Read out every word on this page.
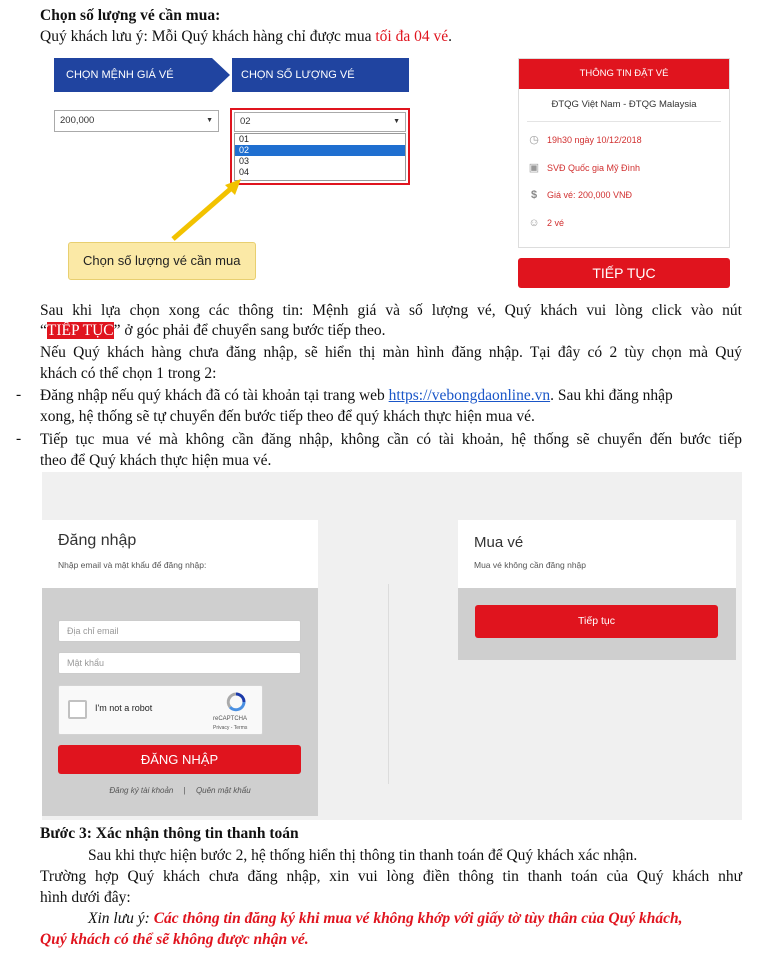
Chọn số lượng vé cần mua:

Quý khách lưu ý: Mỗi Quý khách hàng chỉ được mua tối đa 04 vé.

CHỌN MỆNH GIÁ VÉ	CHỌN SỐ LƯỢNG VÉ
200,000	▼	02	▼
01
02
03
04
Chọn số lượng vé cần mua
THÔNG TIN ĐẶT VÉ
ĐTQG Việt Nam - ĐTQG Malaysia
◷ 19h30 ngày 10/12/2018
▣ SVĐ Quốc gia Mỹ Đình
$ Giá vé: 200,000 VNĐ
☺ 2 vé
TIẾP TỤC

Sau khi lựa chọn xong các thông tin: Mệnh giá và số lượng vé, Quý khách vui lòng click vào nút

“TIẾP TỤC” ở góc phải để chuyển sang bước tiếp theo.

Nếu Quý khách hàng chưa đăng nhập, sẽ hiển thị màn hình đăng nhập. Tại đây có 2 tùy chọn mà Quý

khách có thể chọn 1 trong 2:

- Đăng nhập nếu quý khách đã có tài khoản tại trang web https://vebongdaonline.vn. Sau khi đăng nhập

xong, hệ thống sẽ tự chuyển đến bước tiếp theo để quý khách thực hiện mua vé.

- Tiếp tục mua vé mà không cần đăng nhập, không cần có tài khoản, hệ thống sẽ chuyển đến bước tiếp

theo để Quý khách thực hiện mua vé.

Đăng nhập
Nhập email và mật khẩu để đăng nhập:
Địa chỉ email
Mật khẩu
I'm not a robot
reCAPTCHA
Privacy - Terms
ĐĂNG NHẬP
Đăng ký tài khoản | Quên mật khẩu
Mua vé
Mua vé không cần đăng nhập
Tiếp tục

Bước 3: Xác nhận thông tin thanh toán

Sau khi thực hiện bước 2, hệ thống hiển thị thông tin thanh toán để Quý khách xác nhận.

Trường hợp Quý khách chưa đăng nhập, xin vui lòng điền thông tin thanh toán của Quý khách như

hình dưới đây:

Xin lưu ý: Các thông tin đăng ký khi mua vé không khớp với giấy tờ tùy thân của Quý khách,

Quý khách có thể sẽ không được nhận vé.
